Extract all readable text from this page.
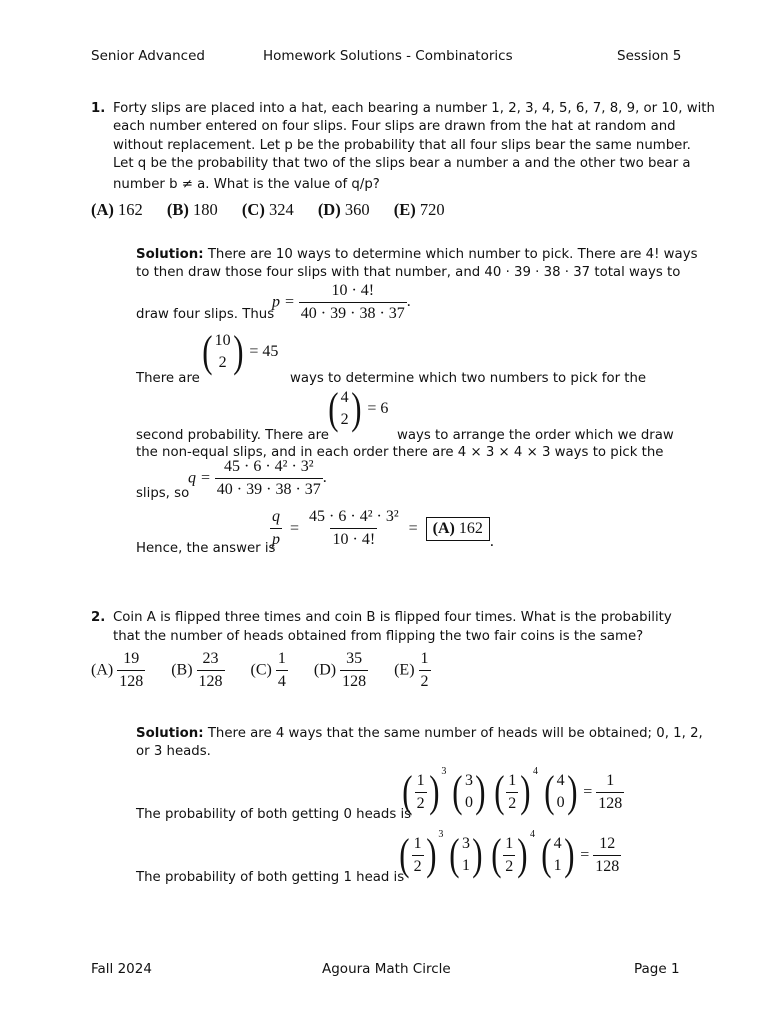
Senior Advanced	Homework Solutions - Combinatorics	Session 5
1. Forty slips are placed into a hat, each bearing a number 1, 2, 3, 4, 5, 6, 7, 8, 9, or 10, with
each number entered on four slips. Four slips are drawn from the hat at random and
without replacement. Let p be the probability that all four slips bear the same number.
Let q be the probability that two of the slips bear a number a and the other two bear a
number b ≠ a. What is the value of q/p?
(A) 162 (B) 180 (C) 324 (D) 360 (E) 720
Solution: There are 10 ways to determine which number to pick. There are 4! ways
to then draw those four slips with that number, and 40 · 39 · 38 · 37 total ways to
draw four slips. Thus
$p = \frac{10 \cdot 4!}{40 \cdot 39 \cdot 38 \cdot 37}$ .
There are
( 10
2 ) = 45
ways to determine which two numbers to pick for the
second probability. There are
( 4
2 ) = 6
ways to arrange the order which we draw
the non-equal slips, and in each order there are 4 × 3 × 4 × 3 ways to pick the
slips, so
$q = \frac{\text{45 · 6 · 4² · 3²}}{40 \cdot 39 \cdot 38 \cdot 37}$ .
Hence, the answer is
$\frac{q}{p} = \frac{\text{45 · 6 · 4² · 3²}}{10 \cdot 4!} = (A)$ 162.
2. Coin A is flipped three times and coin B is flipped four times. What is the probability
that the number of heads obtained from flipping the two fair coins is the same?
$(A) \frac{19}{128} (B) \frac{23}{128} (C) \frac{1}{4} (D) \frac{35}{128} (E) \frac{1}{2}$
Solution: There are 4 ways that the same number of heads will be obtained; 0, 1, 2,
or 3 heads.
The probability of both getting 0 heads is
( $\frac{1}{2}$ ) $^3$ ( 3
0 )
( $\frac{1}{2}$ ) $^4$ ( 4
0 ) = $\frac{1}{128}$
The probability of both getting 1 head is
( $\frac{1}{2}$ ) $^3$ ( 3
1 )
( $\frac{1}{2}$ ) $^4$ ( 4
1 ) = $\frac{12}{128}$
Fall 2024	Agoura Math Circle	Page 1
